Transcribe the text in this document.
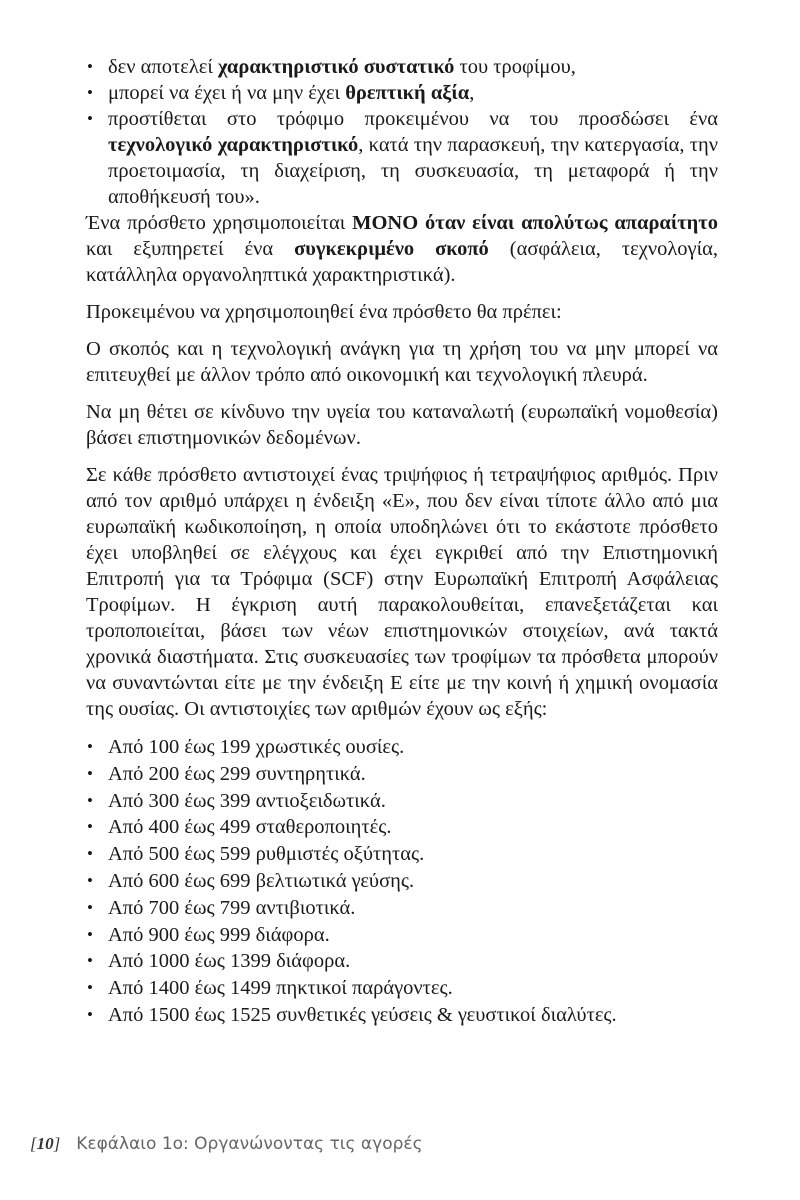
• δεν αποτελεί χαρακτηριστικό συστατικό του τροφίμου,
• μπορεί να έχει ή να μην έχει θρεπτική αξία,
• προστίθεται στο τρόφιμο προκειμένου να του προσδώσει ένα τεχνολογικό χαρακτηριστικό, κατά την παρασκευή, την κατεργασία, την προετοιμασία, τη διαχείριση, τη συσκευασία, τη μεταφορά ή την αποθήκευσή του».

Ένα πρόσθετο χρησιμοποιείται ΜΟΝΟ όταν είναι απολύτως απαραίτητο και εξυπηρετεί ένα συγκεκριμένο σκοπό (ασφάλεια, τεχνολογία, κατάλληλα οργανοληπτικά χαρακτηριστικά).

Προκειμένου να χρησιμοποιηθεί ένα πρόσθετο θα πρέπει:

Ο σκοπός και η τεχνολογική ανάγκη για τη χρήση του να μην μπορεί να επιτευχθεί με άλλον τρόπο από οικονομική και τεχνολογική πλευρά.

Να μη θέτει σε κίνδυνο την υγεία του καταναλωτή (ευρωπαϊκή νομοθεσία) βάσει επιστημονικών δεδομένων.

Σε κάθε πρόσθετο αντιστοιχεί ένας τριψήφιος ή τετραψήφιος αριθμός. Πριν από τον αριθμό υπάρχει η ένδειξη «Ε», που δεν είναι τίποτε άλλο από μια ευρωπαϊκή κωδικοποίηση, η οποία υποδηλώνει ότι το εκάστοτε πρόσθετο έχει υποβληθεί σε ελέγχους και έχει εγκριθεί από την Επιστημονική Επιτροπή για τα Τρόφιμα (SCF) στην Ευρωπαϊκή Επιτροπή Ασφάλειας Τροφίμων. Η έγκριση αυτή παρακολουθείται, επανεξετάζεται και τροποποιείται, βάσει των νέων επιστημονικών στοιχείων, ανά τακτά χρονικά διαστήματα. Στις συσκευασίες των τροφίμων τα πρόσθετα μπορούν να συναντώνται είτε με την ένδειξη Ε είτε με την κοινή ή χημική ονομασία της ουσίας. Οι αντιστοιχίες των αριθμών έχουν ως εξής:

• Από 100 έως 199 χρωστικές ουσίες.
• Από 200 έως 299 συντηρητικά.
• Από 300 έως 399 αντιοξειδωτικά.
• Από 400 έως 499 σταθεροποιητές.
• Από 500 έως 599 ρυθμιστές οξύτητας.
• Από 600 έως 699 βελτιωτικά γεύσης.
• Από 700 έως 799 αντιβιοτικά.
• Από 900 έως 999 διάφορα.
• Από 1000 έως 1399 διάφορα.
• Από 1400 έως 1499 πηκτικοί παράγοντες.
• Από 1500 έως 1525 συνθετικές γεύσεις & γευστικοί διαλύτες.
[10] Κεφάλαιο 1ο: Οργανώνοντας τις αγορές
